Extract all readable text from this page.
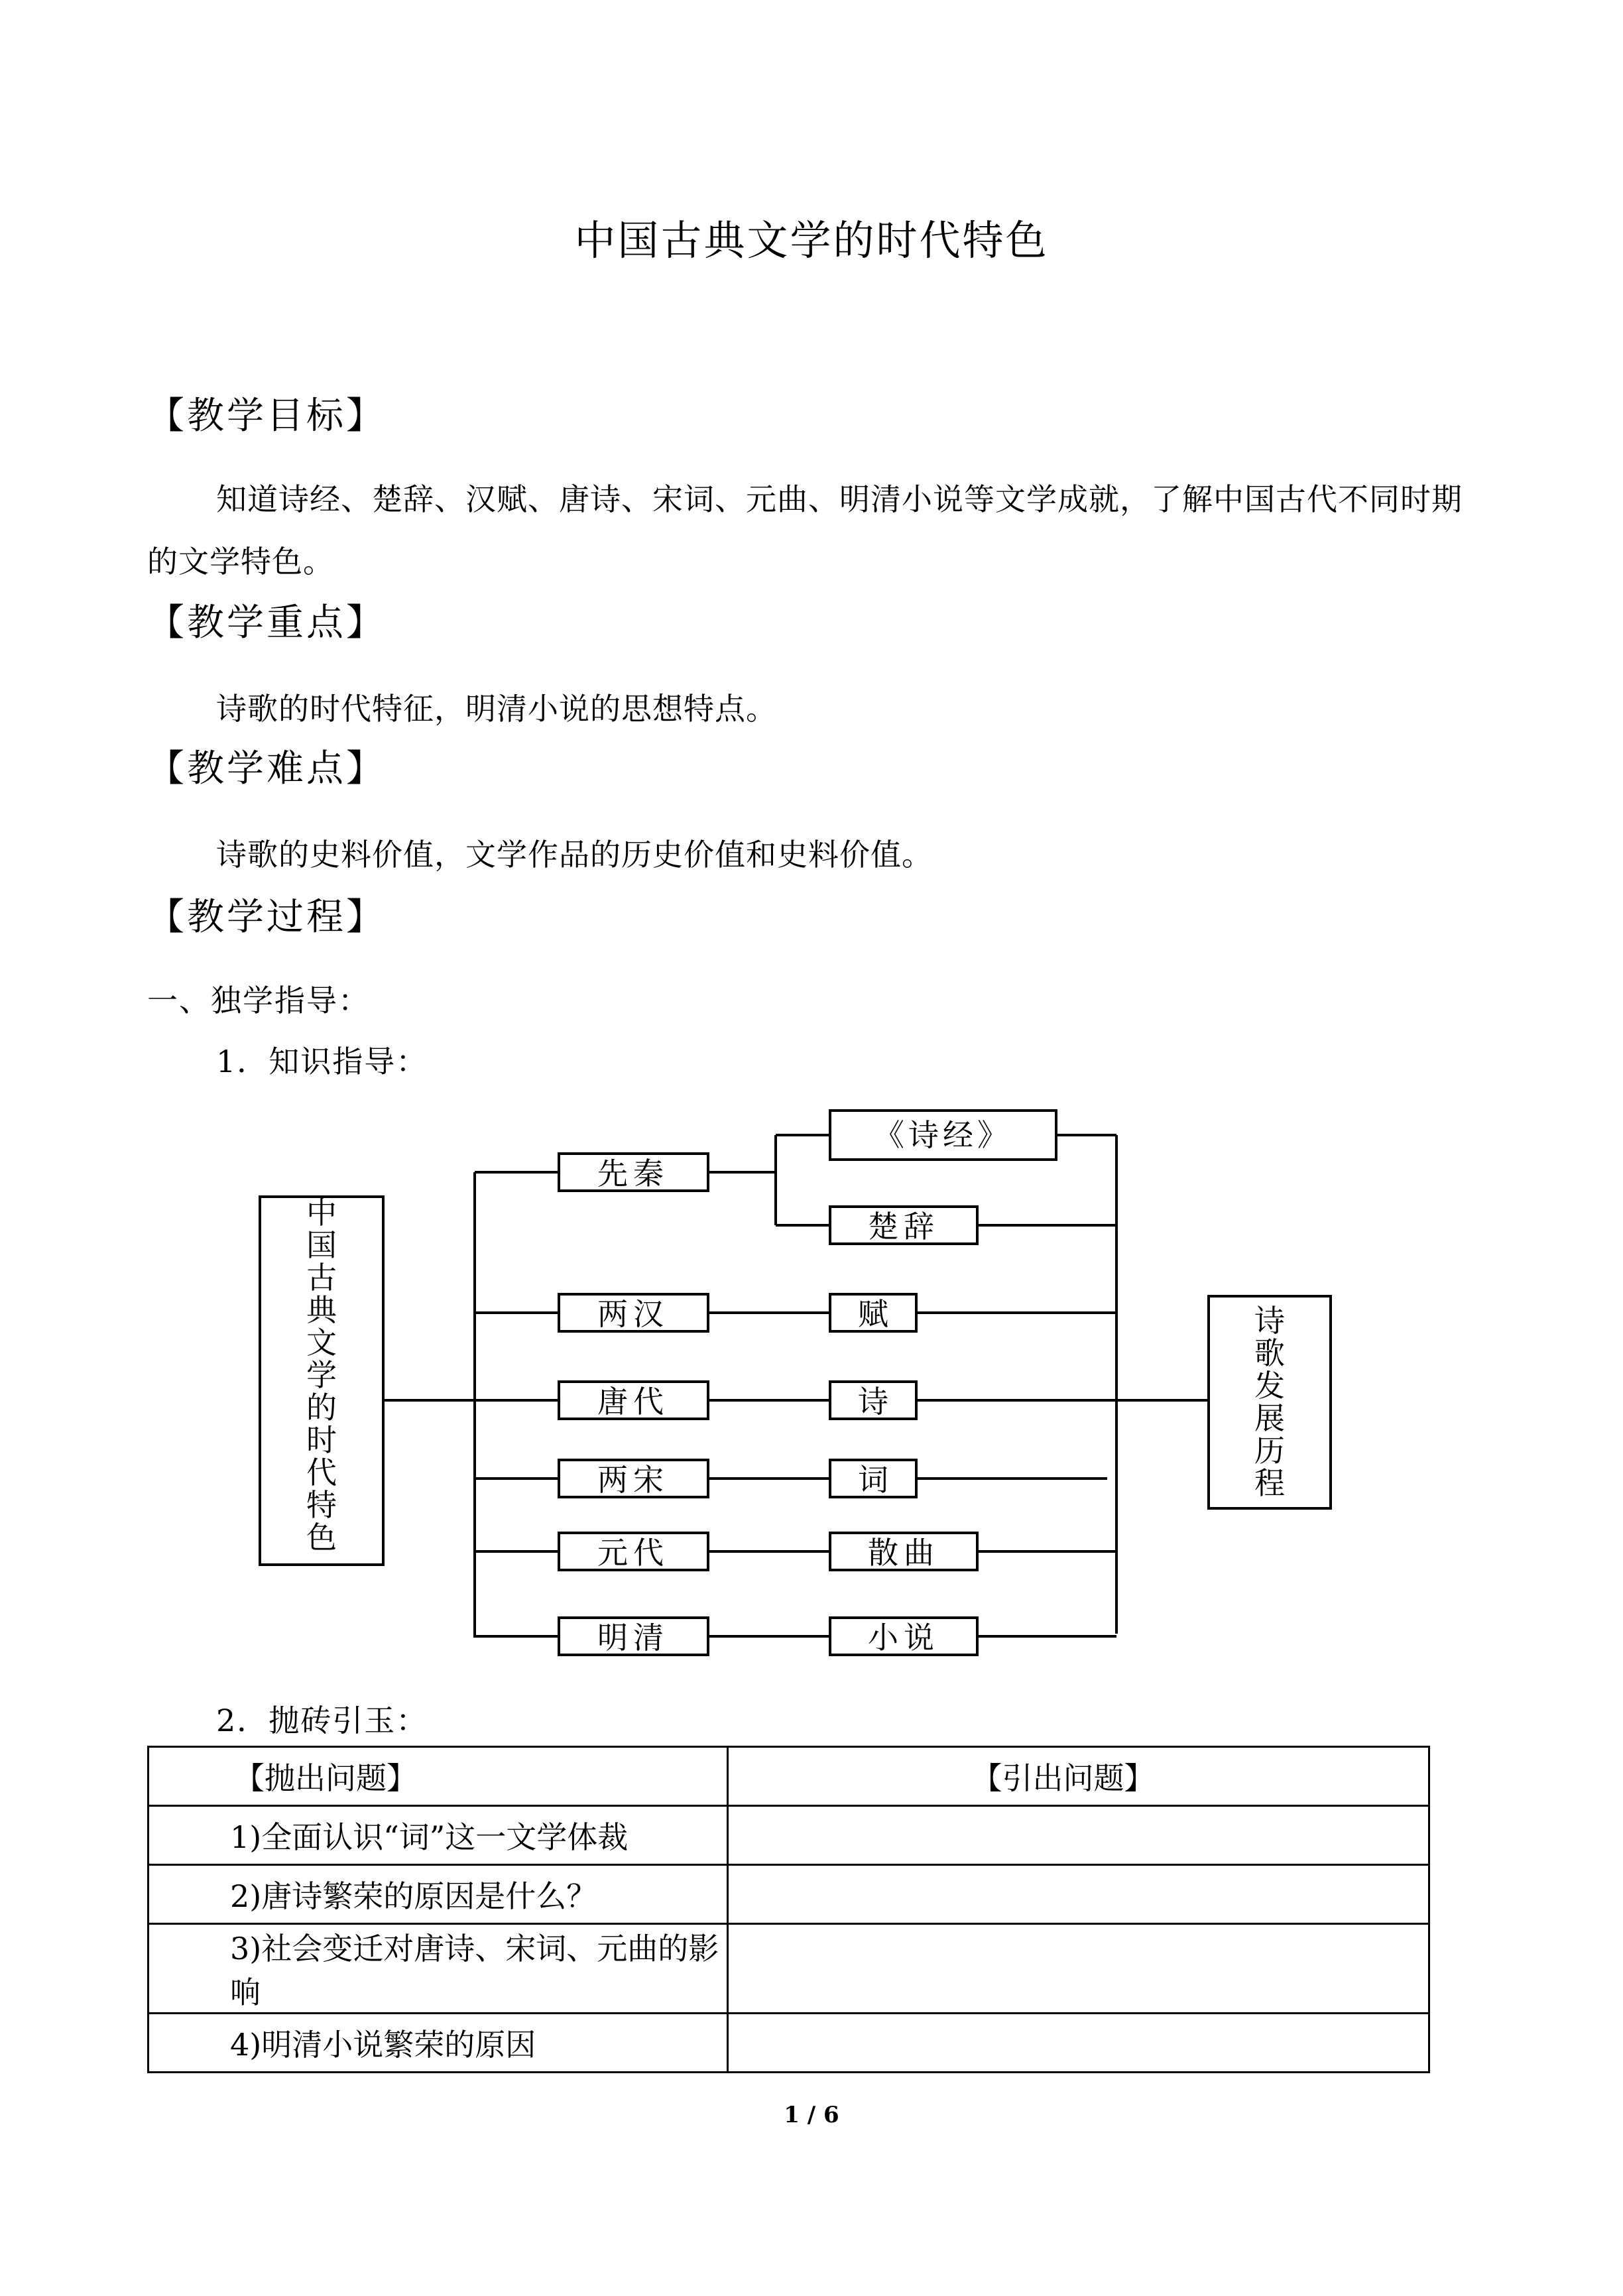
中国古典文学的时代特色
【教学目标】
知道诗经、楚辞、汉赋、唐诗、宋词、元曲、明清小说等文学成就，了解中国古代不同时期的文学特色。
【教学重点】
诗歌的时代特征，明清小说的思想特点。
【教学难点】
诗歌的史料价值，文学作品的历史价值和史料价值。
【教学过程】
一、独学指导：
1．知识指导：
中国古典文学的时代特色
诗歌发展历程
先秦
两汉
唐代
两宋
元代
明清
《诗经》
楚辞
赋
诗
词
散曲
小说
2．抛砖引玉：
【抛出问题】	【引出问题】
1)全面认识“词”这一文学体裁	
2)唐诗繁荣的原因是什么？	
3)社会变迁对唐诗、宋词、元曲的影响	
4)明清小说繁荣的原因	
1 / 6
